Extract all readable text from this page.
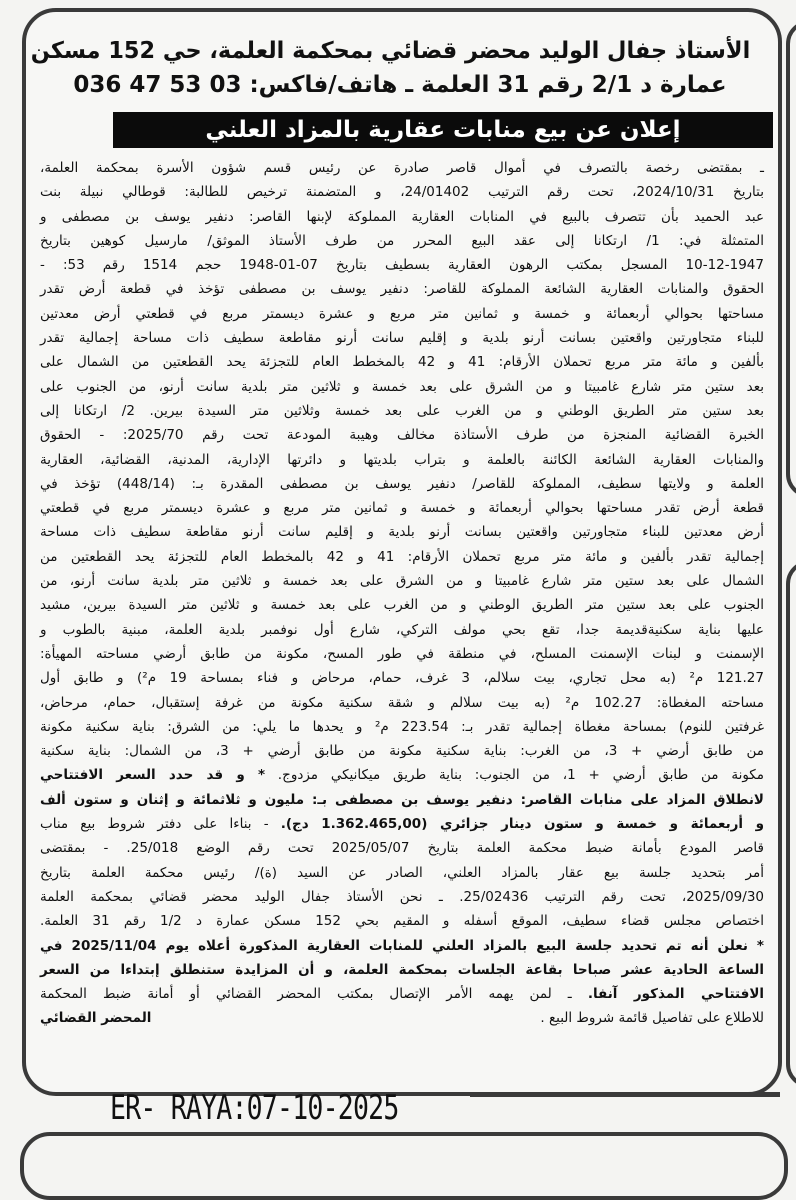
الأستاذ جفال الوليد محضر قضائي بمحكمة العلمة، حي 152 مسكن
عمارة د 2/1 رقم 31 العلمة ـ هاتف/فاكس: 03 53 47 036
إعلان عن بيع منابات عقارية بالمزاد العلني
ـ بمقتضى رخصة بالتصرف في أموال قاصر صادرة عن رئيس قسم شؤون الأسرة بمحكمة العلمة،
بتاريخ 2024/10/31، تحت رقم الترتيب 24/01402، و المتضمنة ترخيص للطالبة: قوطالي نبيلة بنت
عبد الحميد بأن تتصرف بالبيع في المنابات العقارية المملوكة لإبنها القاصر: دنفير يوسف بن مصطفى و
المتمثلة في: 1/ ارتكانا إلى عقد البيع المحرر من طرف الأستاذ الموثق/ مارسيل كوهين بتاريخ
10-12-1947 المسجل بمكتب الرهون العقارية بسطيف بتاريخ 07-01-1948 حجم 1514 رقم 53: -
الحقوق والمنابات العقارية الشائعة المملوكة للقاصر: دنفير يوسف بن مصطفى تؤخذ في قطعة أرض تقدر
مساحتها بحوالي أربعمائة و خمسة و ثمانين متر مربع و عشرة ديسمتر مربع في قطعتي أرض معدتين
للبناء متجاورتين واقعتين بسانت أرنو بلدية و إقليم سانت أرنو مقاطعة سطيف ذات مساحة إجمالية تقدر
بألفين و مائة متر مربع تحملان الأرقام: 41 و 42 بالمخطط العام للتجزئة يحد القطعتين من الشمال على
بعد ستين متر شارع غامبيتا و من الشرق على بعد خمسة و ثلاثين متر بلدية سانت أرنو، من الجنوب على
بعد ستين متر الطريق الوطني و من الغرب على بعد خمسة وثلاثين متر السيدة بيرين. 2/ ارتكانا إلى
الخبرة القضائية المنجزة من طرف الأستاذة مخالف وهيبة المودعة تحت رقم 2025/70: - الحقوق
والمنابات العقارية الشائعة الكائنة بالعلمة و بتراب بلديتها و دائرتها الإدارية، المدنية، القضائية، العقارية
العلمة و ولايتها سطيف، المملوكة للقاصر/ دنفير يوسف بن مصطفى المقدرة بـ: (448/14) تؤخذ في
قطعة أرض تقدر مساحتها بحوالي أربعمائة و خمسة و ثمانين متر مربع و عشرة ديسمتر مربع في قطعتي
أرض معدتين للبناء متجاورتين واقعتين بسانت أرنو بلدية و إقليم سانت أرنو مقاطعة سطيف ذات مساحة
إجمالية تقدر بألفين و مائة متر مربع تحملان الأرقام: 41 و 42 بالمخطط العام للتجزئة يحد القطعتين من
الشمال على بعد ستين متر شارع غامبيتا و من الشرق على بعد خمسة و ثلاثين متر بلدية سانت أرنو، من
الجنوب على بعد ستين متر الطريق الوطني و من الغرب على بعد خمسة و ثلاثين متر السيدة بيرين، مشيد
عليها بناية سكنيةقديمة جدا، تقع بحي مولف التركي، شارع أول نوفمبر بلدية العلمة، مبنية بالطوب و
الإسمنت و لبنات الإسمنت المسلح، في منطقة في طور المسح، مكونة من طابق أرضي مساحته المهيأة:
121.27 م² (به محل تجاري، بيت سلالم، 3 غرف، حمام، مرحاض و فناء بمساحة 19 م²) و طابق أول
مساحته المغطاة: 102.27 م² (به بيت سلالم و شقة سكنية مكونة من غرفة إستقبال، حمام، مرحاض،
غرفتين للنوم) بمساحة مغطاة إجمالية تقدر بـ: 223.54 م² و يحدها ما يلي: من الشرق: بناية سكنية مكونة
من طابق أرضي + 3، من الغرب: بناية سكنية مكونة من طابق أرضي + 3، من الشمال: بناية سكنية
مكونة من طابق أرضي + 1، من الجنوب: بناية طريق ميكانيكي مزدوج. * و قد حدد السعر الافتتاحي
لانطلاق المزاد على منابات القاصر: دنفير يوسف بن مصطفى بـ: مليون و ثلاثمائة و إثنان و ستون ألف
و أربعمائة و خمسة و ستون دينار جزائري (1.362.465,00 دج). - بناءا على دفتر شروط بيع مناب
قاصر المودع بأمانة ضبط محكمة العلمة بتاريخ 2025/05/07 تحت رقم الوضع 25/018. - بمقتضى
أمر بتحديد جلسة بيع عقار بالمزاد العلني، الصادر عن السيد (ة)/ رئيس محكمة العلمة بتاريخ
2025/09/30، تحت رقم الترتيب 25/02436. ـ نحن الأستاذ جفال الوليد محضر قضائي بمحكمة العلمة
اختصاص مجلس قضاء سطيف، الموقع أسفله و المقيم بحي 152 مسكن عمارة د 1/2 رقم 31 العلمة.
* نعلن أنه تم تحديد جلسة البيع بالمزاد العلني للمنابات العقارية المذكورة أعلاه يوم 2025/11/04 في
الساعة الحادية عشر صباحا بقاعة الجلسات بمحكمة العلمة، و أن المزايدة ستنطلق إبتداءا من السعر
الافتتاحي المذكور آنفا. ـ لمن يهمه الأمر الإتصال بمكتب المحضر القضائي أو أمانة ضبط المحكمة
للاطلاع على تفاصيل قائمة شروط البيع .
المحضر القضائي
ER- RAYA:07-10-2025
